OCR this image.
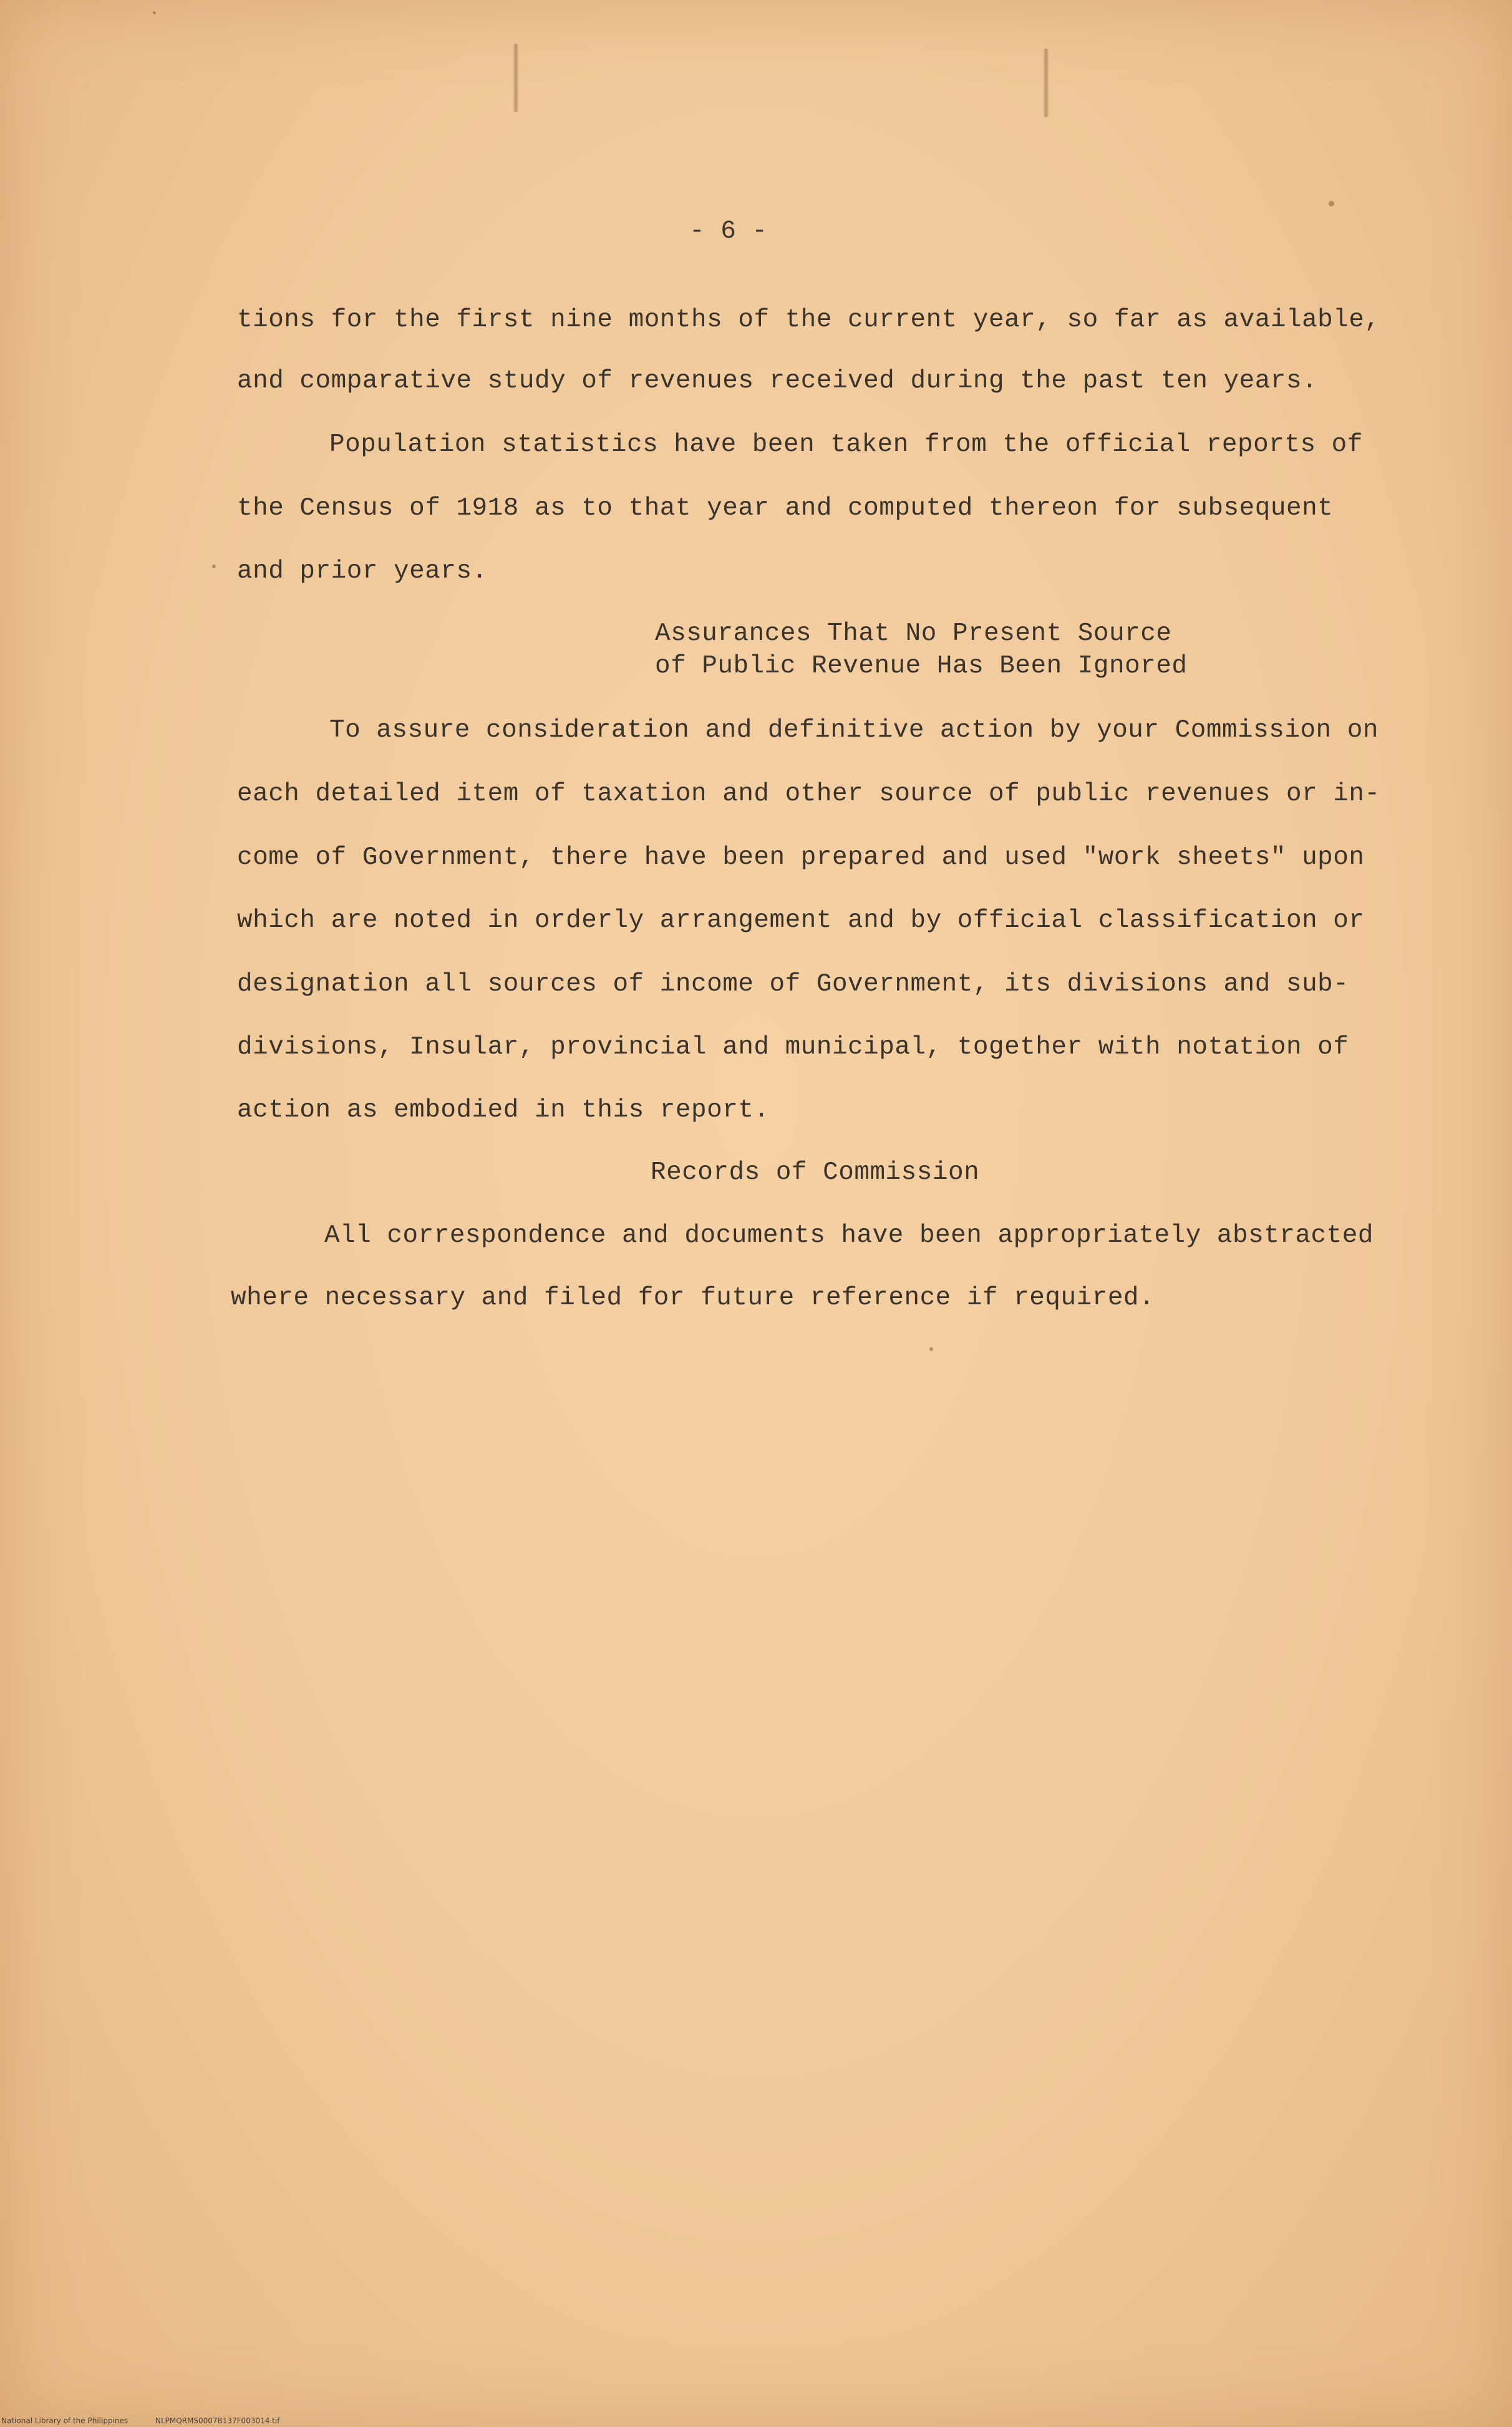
- 6 -
tions for the first nine months of the current year, so far as available,
and comparative study of revenues received during the past ten years.
Population statistics have been taken from the official reports of
the Census of 1918 as to that year and computed thereon for subsequent
and prior years.
Assurances That No Present Source
of Public Revenue Has Been Ignored
To assure consideration and definitive action by your Commission on
each detailed item of taxation and other source of public revenues or in-
come of Government, there have been prepared and used "work sheets" upon
which are noted in orderly arrangement and by official classification or
designation all sources of income of Government, its divisions and sub-
divisions, Insular, provincial and municipal, together with notation of
action as embodied in this report.
Records of Commission
All correspondence and documents have been appropriately abstracted
where necessary and filed for future reference if required.
National Library of the Philippines	NLPMQRMS0007B137F003014.tif
